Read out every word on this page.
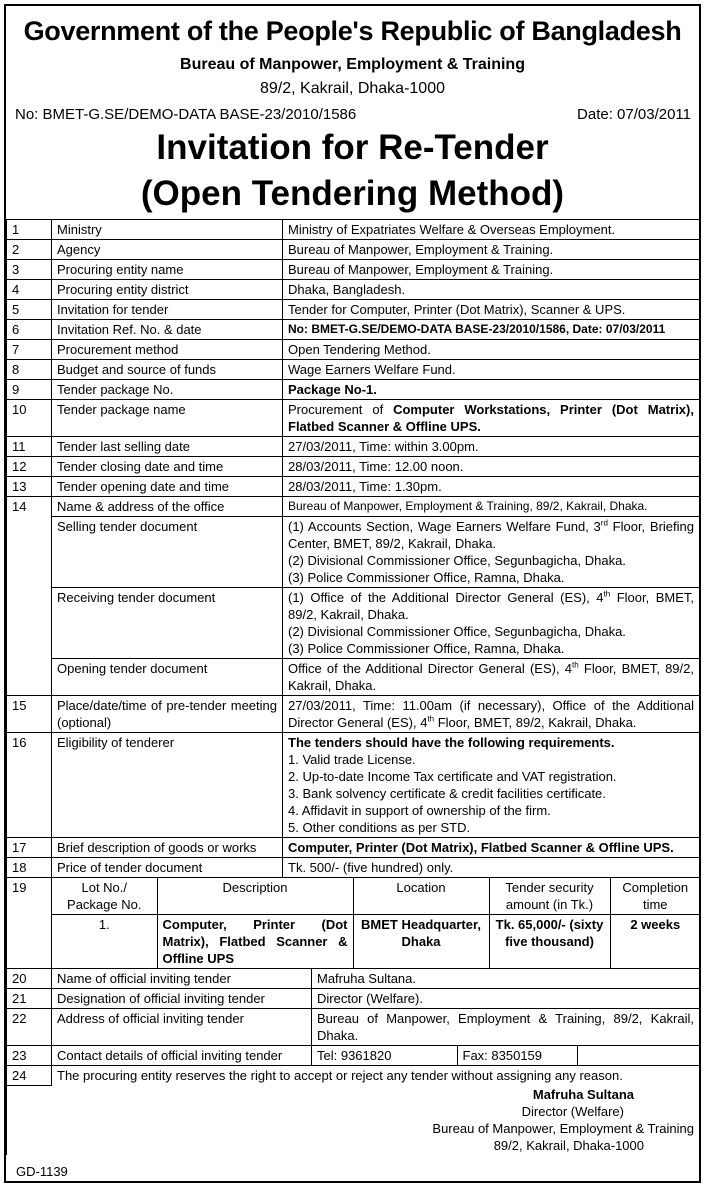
Government of the People's Republic of Bangladesh
Bureau of Manpower, Employment & Training
89/2, Kakrail, Dhaka-1000
No: BMET-G.SE/DEMO-DATA BASE-23/2010/1586	Date: 07/03/2011
Invitation for Re-Tender
(Open Tendering Method)
1	Ministry	Ministry of Expatriates Welfare & Overseas Employment.
2	Agency	Bureau of Manpower, Employment & Training.
3	Procuring entity name	Bureau of Manpower, Employment & Training.
4	Procuring entity district	Dhaka, Bangladesh.
5	Invitation for tender	Tender for Computer, Printer (Dot Matrix), Scanner & UPS.
6	Invitation Ref. No. & date	No: BMET-G.SE/DEMO-DATA BASE-23/2010/1586, Date: 07/03/2011
7	Procurement method	Open Tendering Method.
8	Budget and source of funds	Wage Earners Welfare Fund.
9	Tender package No.	Package No-1.
10	Tender package name	Procurement of Computer Workstations, Printer (Dot Matrix), Flatbed Scanner & Offline UPS.
11	Tender last selling date	27/03/2011, Time: within 3.00pm.
12	Tender closing date and time	28/03/2011, Time: 12.00 noon.
13	Tender opening date and time	28/03/2011, Time: 1.30pm.
14	Name & address of the office	Bureau of Manpower, Employment & Training, 89/2, Kakrail, Dhaka.
	Selling tender document	(1) Accounts Section, Wage Earners Welfare Fund, 3rd Floor, Briefing Center, BMET, 89/2, Kakrail, Dhaka.
(2) Divisional Commissioner Office, Segunbagicha, Dhaka.
(3) Police Commissioner Office, Ramna, Dhaka.

	Receiving tender document	(1) Office of the Additional Director General (ES), 4th Floor, BMET, 89/2, Kakrail, Dhaka.
(2) Divisional Commissioner Office, Segunbagicha, Dhaka.
(3) Police Commissioner Office, Ramna, Dhaka.

	Opening tender document	Office of the Additional Director General (ES), 4th Floor, BMET, 89/2, Kakrail, Dhaka.
15	Place/date/time of pre-tender meeting (optional)	27/03/2011, Time: 11.00am (if necessary), Office of the Additional Director General (ES), 4th Floor, BMET, 89/2, Kakrail, Dhaka.
16	Eligibility of tenderer	The tenders should have the following requirements.
1. Valid trade License.
2. Up-to-date Income Tax certificate and VAT registration.
3. Bank solvency certificate & credit facilities certificate.
4. Affidavit in support of ownership of the firm.
5. Other conditions as per STD.

17	Brief description of goods or works	Computer, Printer (Dot Matrix), Flatbed Scanner & Offline UPS.
18	Price of tender document	Tk. 500/- (five hundred) only.
19		Lot No./ Package No.	Description	Location	Tender security amount (in Tk.)	Completion time
1.	Computer, Printer (Dot Matrix), Flatbed Scanner & Offline UPS	BMET Headquarter, Dhaka	Tk. 65,000/- (sixty five thousand)	2 weeks
20	Name of official inviting tender	Mafruha Sultana.
21	Designation of official inviting tender	Director (Welfare).
22	Address of official inviting tender	Bureau of Manpower, Employment & Training, 89/2, Kakrail, Dhaka.
23	Contact details of official inviting tender		Tel: 9361820	Fax: 8350159	

24	The procuring entity reserves the right to accept or reject any tender without assigning any reason.

Mafruha Sultana
Director (Welfare)
Bureau of Manpower, Employment & Training
89/2, Kakrail, Dhaka-1000
GD-1139
